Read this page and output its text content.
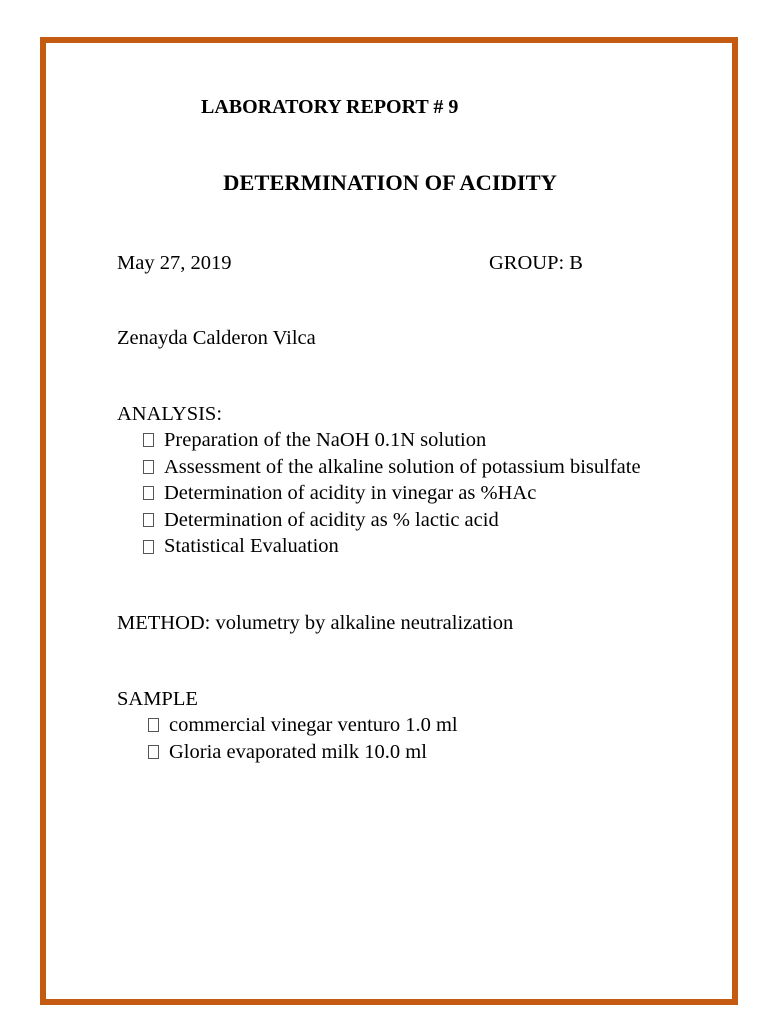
LABORATORY REPORT # 9
DETERMINATION OF ACIDITY
May 27, 2019	GROUP: B
Zenayda Calderon Vilca
ANALYSIS:
Preparation of the NaOH 0.1N solution
Assessment of the alkaline solution of potassium bisulfate
Determination of acidity in vinegar as %HAc
Determination of acidity as % lactic acid
Statistical Evaluation
METHOD: volumetry by alkaline neutralization
SAMPLE
commercial vinegar venturo 1.0 ml
Gloria evaporated milk 10.0 ml
